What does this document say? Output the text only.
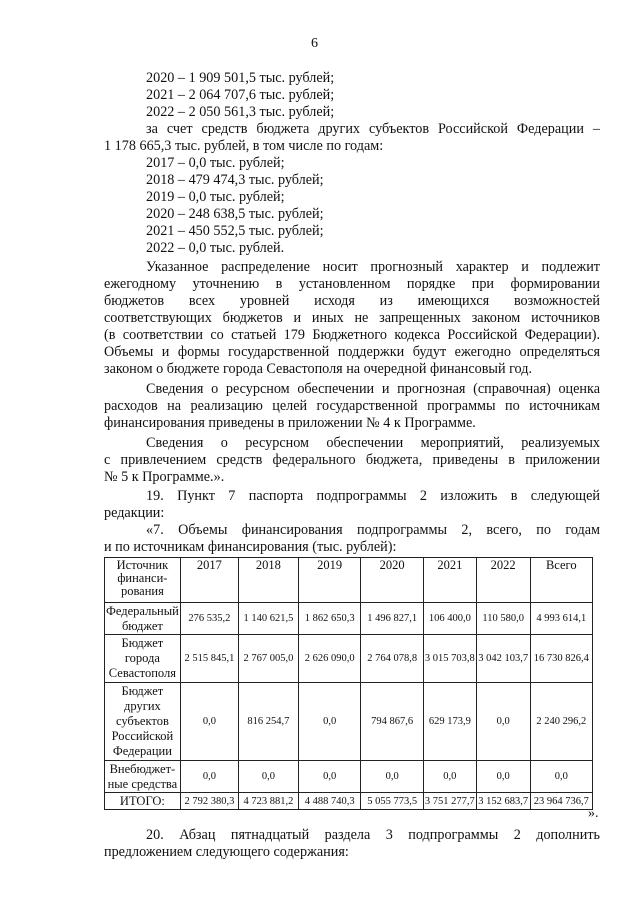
6
2020 – 1 909 501,5 тыс. рублей;
2021 – 2 064 707,6 тыс. рублей;
2022 – 2 050 561,3 тыс. рублей;
за счет средств бюджета других субъектов Российской Федерации –
1 178 665,3 тыс. рублей, в том числе по годам:
2017 – 0,0 тыс. рублей;
2018 – 479 474,3 тыс. рублей;
2019 – 0,0 тыс. рублей;
2020 – 248 638,5 тыс. рублей;
2021 – 450 552,5 тыс. рублей;
2022 – 0,0 тыс. рублей.
Указанное распределение носит прогнозный характер и подлежит
ежегодному уточнению в установленном порядке при формировании
бюджетов всех уровней исходя из имеющихся возможностей
соответствующих бюджетов и иных не запрещенных законом источников
(в соответствии со статьей 179 Бюджетного кодекса Российской Федерации).
Объемы и формы государственной поддержки будут ежегодно определяться
законом о бюджете города Севастополя на очередной финансовый год.
Сведения о ресурсном обеспечении и прогнозная (справочная) оценка
расходов на реализацию целей государственной программы по источникам
финансирования приведены в приложении № 4 к Программе.
Сведения о ресурсном обеспечении мероприятий, реализуемых
с привлечением средств федерального бюджета, приведены в приложении
№ 5 к Программе.».
19. Пункт 7 паспорта подпрограммы 2 изложить в следующей
редакции:
«7. Объемы финансирования подпрограммы 2, всего, по годам
и по источникам финансирования (тыс. рублей):
Источник финанси-рования	2017	2018	2019	2020	2021	2022	Всего
Федеральный бюджет	276 535,2	1 140 621,5	1 862 650,3	1 496 827,1	106 400,0	110 580,0	4 993 614,1
Бюджет города Севастополя	2 515 845,1	2 767 005,0	2 626 090,0	2 764 078,8	3 015 703,8	3 042 103,7	16 730 826,4
Бюджет других субъектов Российской Федерации	0,0	816 254,7	0,0	794 867,6	629 173,9	0,0	2 240 296,2
Внебюджет-ные средства	0,0	0,0	0,0	0,0	0,0	0,0	0,0
ИТОГО:	2 792 380,3	4 723 881,2	4 488 740,3	5 055 773,5	3 751 277,7	3 152 683,7	23 964 736,7
».
20. Абзац пятнадцатый раздела 3 подпрограммы 2 дополнить
предложением следующего содержания:
